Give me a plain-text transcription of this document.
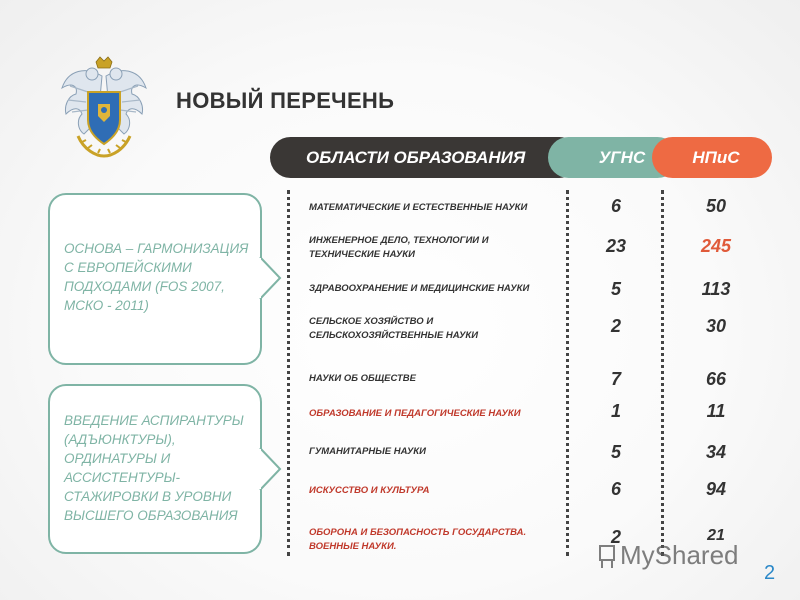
НОВЫЙ ПЕРЕЧЕНЬ
ОБЛАСТИ ОБРАЗОВАНИЯ	УГНС	НПиС
ОСНОВА – ГАРМОНИЗАЦИЯ С ЕВРОПЕЙСКИМИ ПОДХОДАМИ (FOS 2007, МСКО - 2011)
ВВЕДЕНИЕ АСПИРАНТУРЫ (АДЪЮНКТУРЫ), ОРДИНАТУРЫ И АССИСТЕНТУРЫ-СТАЖИРОВКИ В УРОВНИ ВЫСШЕГО ОБРАЗОВАНИЯ
МАТЕМАТИЧЕСКИЕ И ЕСТЕСТВЕННЫЕ НАУКИ	6	50
ИНЖЕНЕРНОЕ ДЕЛО, ТЕХНОЛОГИИ И ТЕХНИЧЕСКИЕ НАУКИ	23	245
ЗДРАВООХРАНЕНИЕ И МЕДИЦИНСКИЕ НАУКИ	5	113
СЕЛЬСКОЕ ХОЗЯЙСТВО И СЕЛЬСКОХОЗЯЙСТВЕННЫЕ НАУКИ	2	30
НАУКИ ОБ ОБЩЕСТВЕ	7	66
ОБРАЗОВАНИЕ И ПЕДАГОГИЧЕСКИЕ НАУКИ	1	11
ГУМАНИТАРНЫЕ НАУКИ	5	34
ИСКУССТВО И КУЛЬТУРА	6	94
ОБОРОНА И БЕЗОПАСНОСТЬ ГОСУДАРСТВА. ВОЕННЫЕ НАУКИ.	2	21
MyShared
2
